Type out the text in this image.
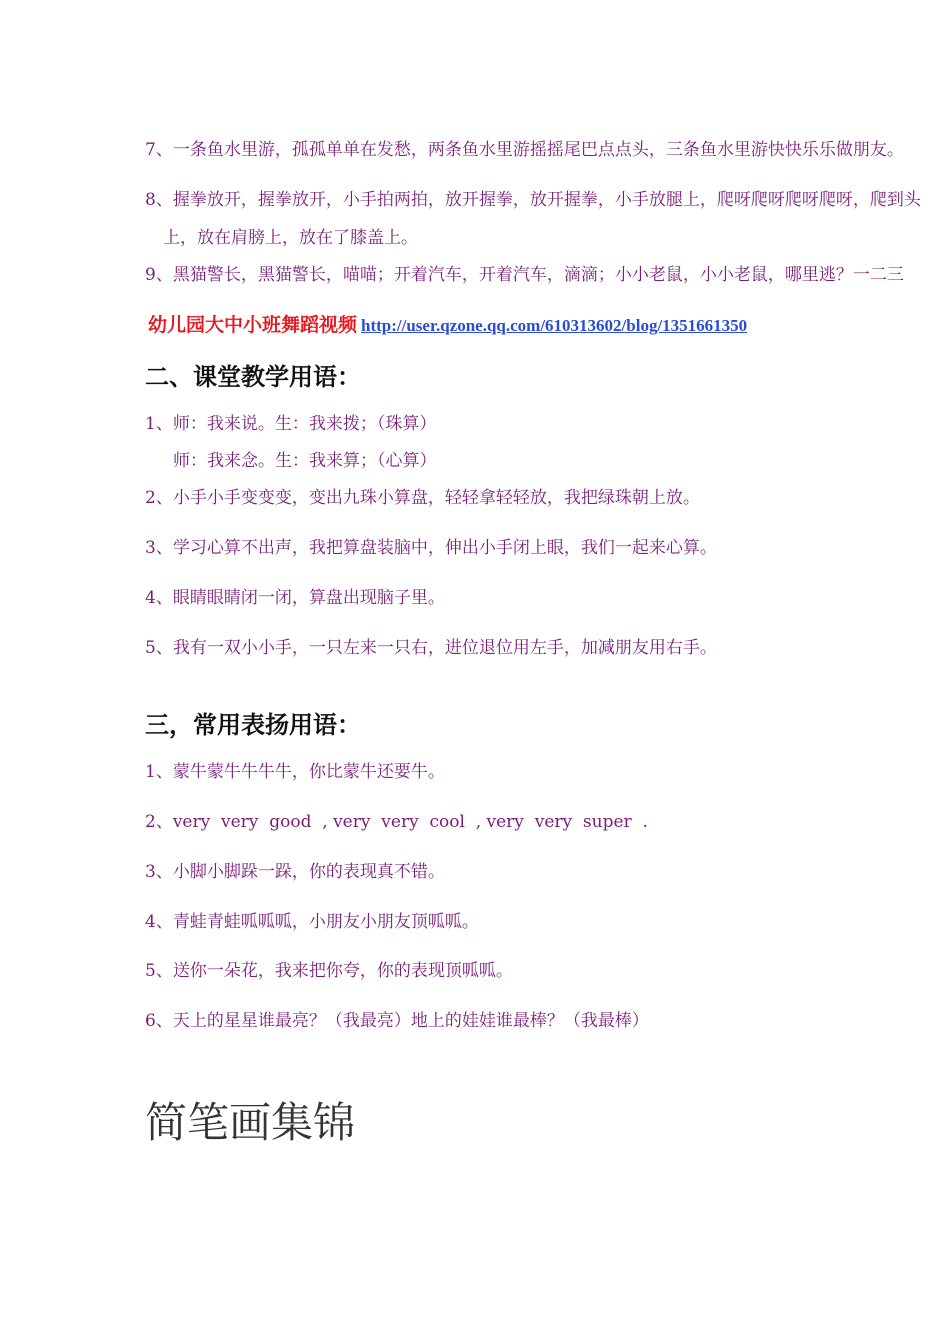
7、一条鱼水里游，孤孤单单在发愁，两条鱼水里游摇摇尾巴点点头，三条鱼水里游快快乐乐做朋友。
8、握拳放开，握拳放开，小手拍两拍，放开握拳，放开握拳，小手放腿上，爬呀爬呀爬呀爬呀，爬到头
上，放在肩膀上，放在了膝盖上。
9、黑猫警长，黑猫警长，喵喵；开着汽车，开着汽车，滴滴；小小老鼠，小小老鼠，哪里逃？一二三
幼儿园大中小班舞蹈视频 http://user.qzone.qq.com/610313602/blog/1351661350
二、课堂教学用语：
1、师：我来说。生：我来拨；（珠算）
师：我来念。生：我来算；（心算）
2、小手小手变变变，变出九珠小算盘，轻轻拿轻轻放，我把绿珠朝上放。
3、学习心算不出声，我把算盘装脑中，伸出小手闭上眼，我们一起来心算。
4、眼睛眼睛闭一闭，算盘出现脑子里。
5、我有一双小小手，一只左来一只右，进位退位用左手，加减朋友用右手。
三，常用表扬用语：
1、蒙牛蒙牛牛牛牛，你比蒙牛还要牛。
2、very  very  good  , very  very  cool  , very  very  super  .
3、小脚小脚跺一跺，你的表现真不错。
4、青蛙青蛙呱呱呱，小朋友小朋友顶呱呱。
5、送你一朵花，我来把你夸，你的表现顶呱呱。
6、天上的星星谁最亮？（我最亮）地上的娃娃谁最棒？（我最棒）
简笔画集锦
